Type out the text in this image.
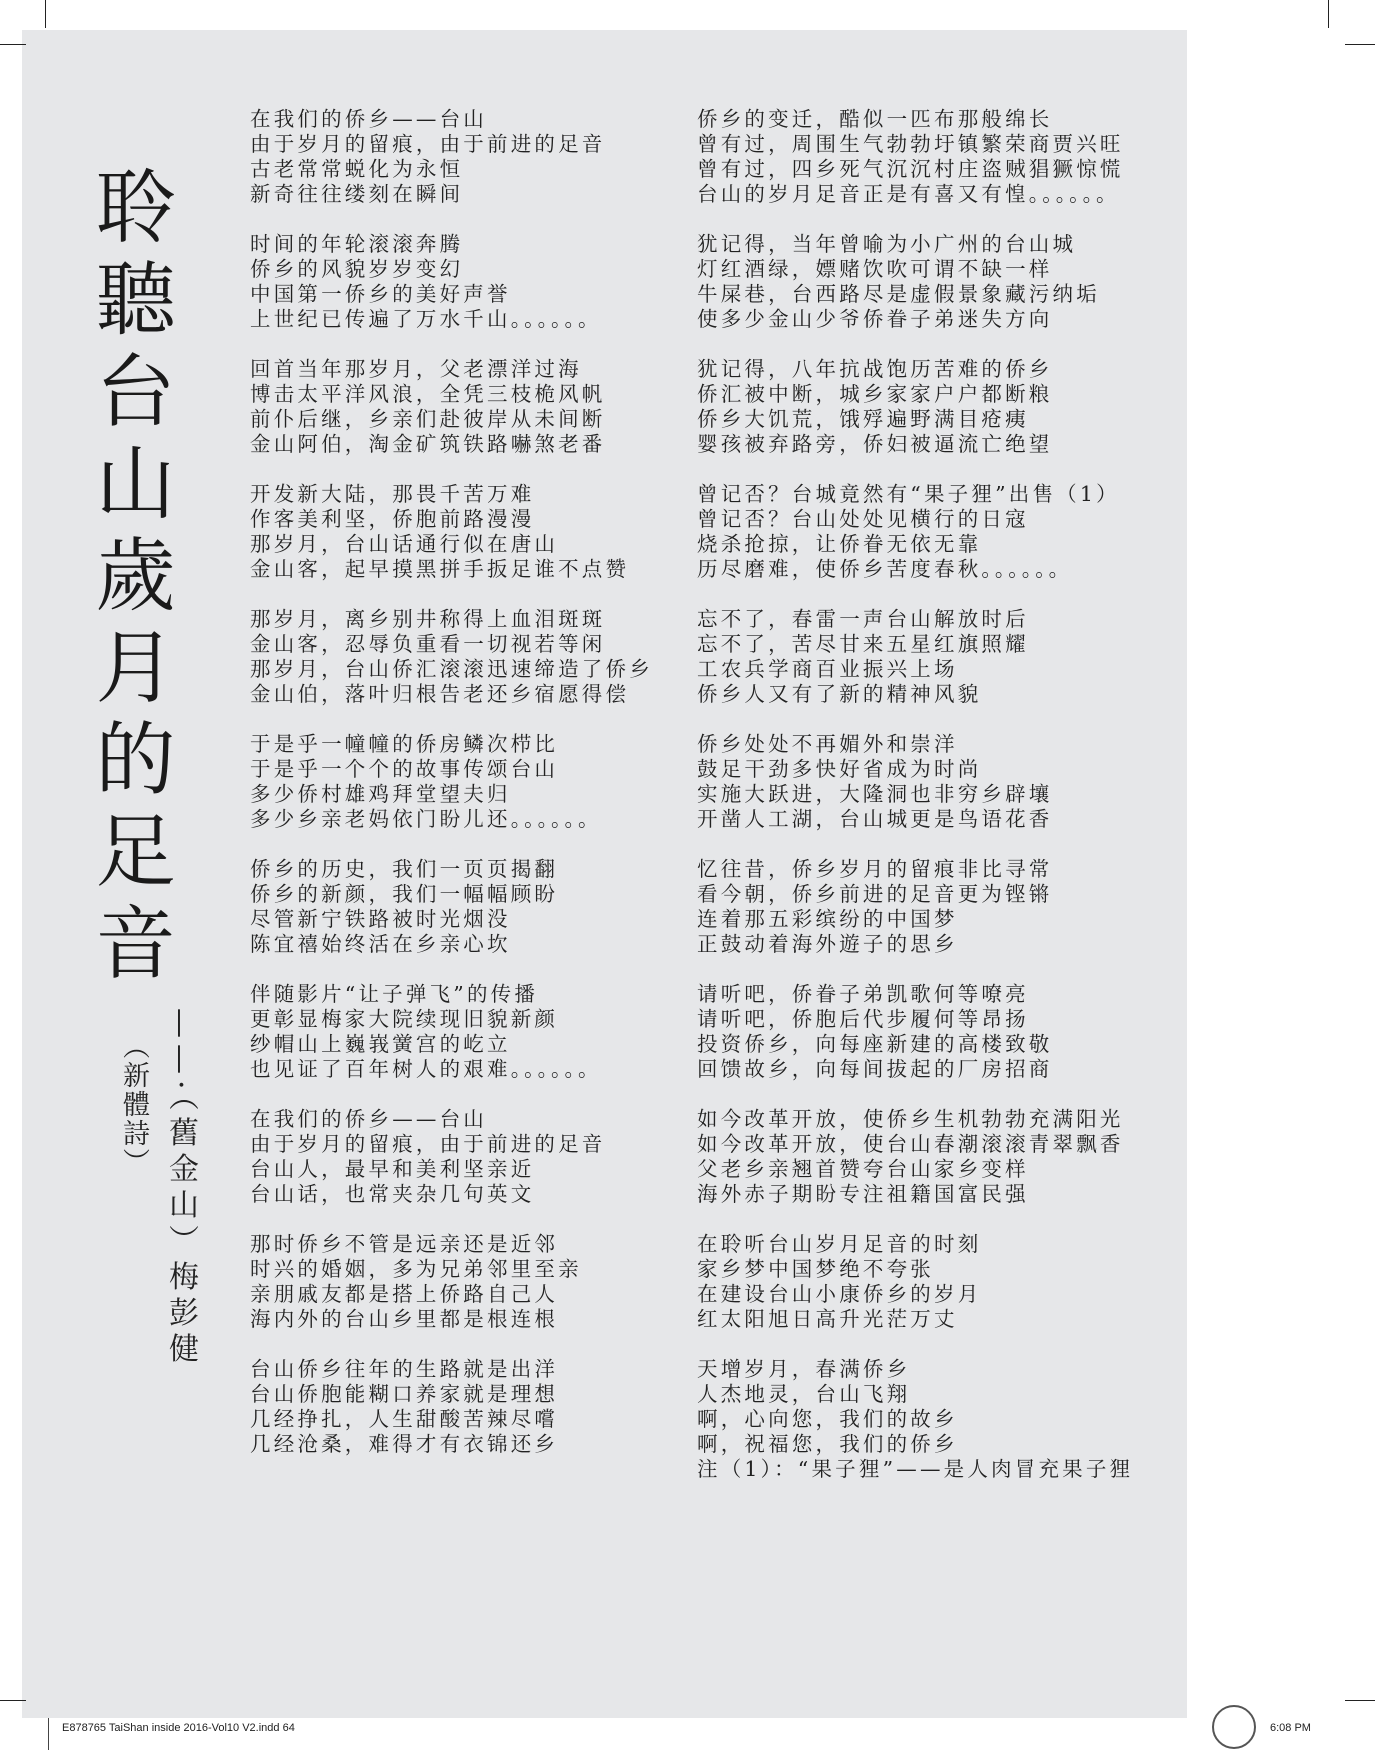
聆聽台山歲月的足音
（新體詩） ——·（舊金山）梅彭健
在我们的侨乡——台山
由于岁月的留痕，由于前进的足音
古老常常蜕化为永恒
新奇往往缕刻在瞬间
时间的年轮滚滚奔腾
侨乡的风貌岁岁变幻
中国第一侨乡的美好声誉
上世纪已传遍了万水千山。。。。。。
回首当年那岁月，父老漂洋过海
博击太平洋风浪，全凭三枝桅风帆
前仆后继，乡亲们赴彼岸从未间断
金山阿伯，淘金矿筑铁路嚇煞老番
开发新大陆，那畏千苦万难
作客美利坚，侨胞前路漫漫
那岁月，台山话通行似在唐山
金山客，起早摸黑拼手扳足谁不点赞
那岁月，离乡别井称得上血泪斑斑
金山客，忍辱负重看一切视若等闲
那岁月，台山侨汇滚滚迅速缔造了侨乡
金山伯，落叶归根告老还乡宿愿得偿
于是乎一幢幢的侨房鳞次栉比
于是乎一个个的故事传颂台山
多少侨村雄鸡拜堂望夫归
多少乡亲老妈依门盼儿还。。。。。。
侨乡的历史，我们一页页揭翻
侨乡的新颜，我们一幅幅顾盼
尽管新宁铁路被时光烟没
陈宜禧始终活在乡亲心坎
伴随影片“让子弹飞”的传播
更彰显梅家大院续现旧貌新颜
纱帽山上巍峩黉宫的屹立
也见证了百年树人的艰难。。。。。。
在我们的侨乡——台山
由于岁月的留痕，由于前进的足音
台山人，最早和美利坚亲近
台山话，也常夹杂几句英文
那时侨乡不管是远亲还是近邻
时兴的婚姻，多为兄弟邻里至亲
亲朋戚友都是搭上侨路自己人
海内外的台山乡里都是根连根
台山侨乡往年的生路就是出洋
台山侨胞能糊口养家就是理想
几经挣扎，人生甜酸苦辣尽嚐
几经沧桑，难得才有衣锦还乡
侨乡的变迁，酷似一匹布那般绵长
曾有过，周围生气勃勃圩镇繁荣商贾兴旺
曾有过，四乡死气沉沉村庄盗贼猖獗惊慌
台山的岁月足音正是有喜又有惶。。。。。。
犹记得，当年曾喻为小广州的台山城
灯红酒绿，嫖赌饮吹可谓不缺一样
牛屎巷，台西路尽是虚假景象藏污纳垢
使多少金山少爷侨眷子弟迷失方向
犹记得，八年抗战饱历苦难的侨乡
侨汇被中断，城乡家家户户都断粮
侨乡大饥荒，饿殍遍野满目疮痍
婴孩被弃路旁，侨妇被逼流亡绝望
曾记否？台城竟然有“果子狸”出售（1）
曾记否？台山处处见横行的日寇
烧杀抢掠，让侨眷无依无靠
历尽磨难，使侨乡苦度春秋。。。。。。
忘不了，春雷一声台山解放时后
忘不了，苦尽甘来五星红旗照耀
工农兵学商百业振兴上场
侨乡人又有了新的精神风貌
侨乡处处不再媚外和崇洋
鼓足干劲多快好省成为时尚
实施大跃进，大隆洞也非穷乡辟壤
开凿人工湖，台山城更是鸟语花香
忆往昔，侨乡岁月的留痕非比寻常
看今朝，侨乡前进的足音更为铿锵
连着那五彩缤纷的中国梦
正鼓动着海外遊子的思乡
请听吧，侨眷子弟凯歌何等嘹亮
请听吧，侨胞后代步履何等昂扬
投资侨乡，向每座新建的高楼致敬
回馈故乡，向每间拔起的厂房招商
如今改革开放，使侨乡生机勃勃充满阳光
如今改革开放，使台山春潮滚滚青翠飘香
父老乡亲翘首赞夸台山家乡变样
海外赤子期盼专注祖籍国富民强
在聆听台山岁月足音的时刻
家乡梦中国梦绝不夸张
在建设台山小康侨乡的岁月
红太阳旭日高升光茫万丈
天增岁月，春满侨乡
人杰地灵，台山飞翔
啊，心向您，我们的故乡
啊，祝福您，我们的侨乡
注（1）：“果子狸”——是人肉冒充果子狸
E878765 TaiShan inside 2016-Vol10 V2.indd 64	6:08 PM
